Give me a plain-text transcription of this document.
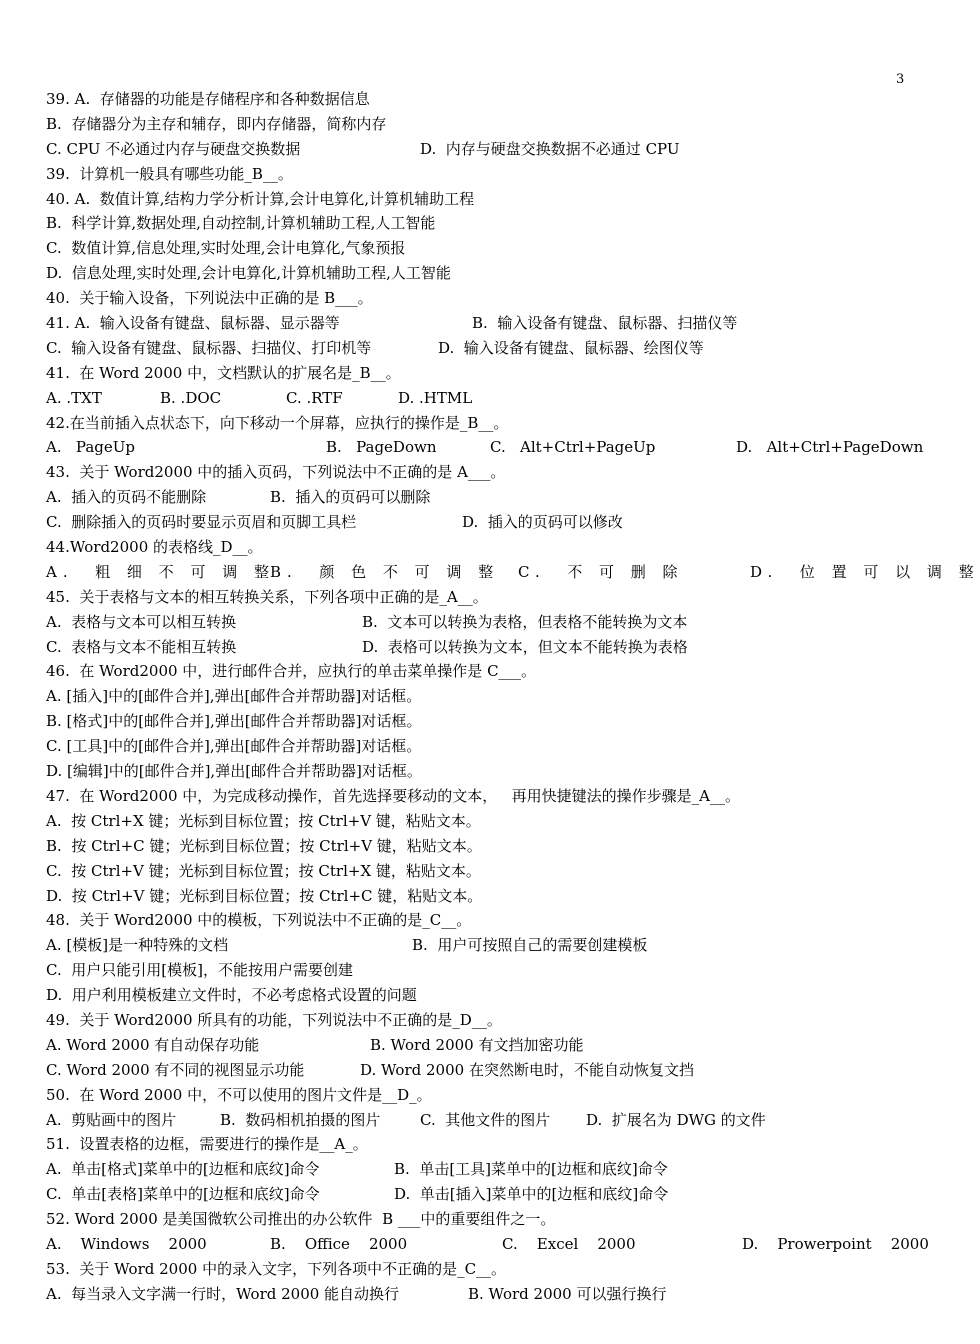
3
39. A.  存储器的功能是存储程序和各种数据信息
B.  存储器分为主存和辅存，即内存储器，简称内存
C. CPU 不必通过内存与硬盘交换数据	D.  内存与硬盘交换数据不必通过 CPU
39.  计算机一般具有哪些功能_B__。
40. A.  数值计算,结构力学分析计算,会计电算化,计算机辅助工程
B.  科学计算,数据处理,自动控制,计算机辅助工程,人工智能
C.  数值计算,信息处理,实时处理,会计电算化,气象预报
D.  信息处理,实时处理,会计电算化,计算机辅助工程,人工智能
40.  关于输入设备，下列说法中正确的是 B___。
41. A.  输入设备有键盘、鼠标器、显示器等	B.  输入设备有键盘、鼠标器、扫描仪等
C.  输入设备有键盘、鼠标器、扫描仪、打印机等	D.  输入设备有键盘、鼠标器、绘图仪等
41.  在 Word 2000 中，文档默认的扩展名是_B__。
A. .TXT	B. .DOC	C. .RTF	D. .HTML
42.在当前插入点状态下，向下移动一个屏幕，应执行的操作是_B__。
A.   PageUp	B.   PageDown	C.   Alt+Ctrl+PageUp	D.   Alt+Ctrl+PageDown
43.  关于 Word2000 中的插入页码，下列说法中不正确的是 A___。
A.  插入的页码不能删除	B.  插入的页码可以删除
C.  删除插入的页码时要显示页眉和页脚工具栏	D.  插入的页码可以修改
44.Word2000 的表格线_D__。
A.  粗 细 不 可 调 整
B.  颜 色 不 可 调 整 C.  不 可 删 除	D.  位 置 可 以 调 整
45.  关于表格与文本的相互转换关系，下列各项中正确的是_A__。
A.  表格与文本可以相互转换	B.  文本可以转换为表格，但表格不能转换为文本
C.  表格与文本不能相互转换	D.  表格可以转换为文本，但文本不能转换为表格
46.  在 Word2000 中，进行邮件合并，应执行的单击菜单操作是 C___。
A. [插入]中的[邮件合并],弹出[邮件合并帮助器]对话框。
B. [格式]中的[邮件合并],弹出[邮件合并帮助器]对话框。
C. [工具]中的[邮件合并],弹出[邮件合并帮助器]对话框。
D. [编辑]中的[邮件合并],弹出[邮件合并帮助器]对话框。
47.  在 Word2000 中，为完成移动操作，首先选择要移动的文本，   再用快捷键法的操作步骤是_A__。
A.  按 Ctrl+X 键；光标到目标位置；按 Ctrl+V 键，粘贴文本。
B.  按 Ctrl+C 键；光标到目标位置；按 Ctrl+V 键，粘贴文本。
C.  按 Ctrl+V 键；光标到目标位置；按 Ctrl+X 键，粘贴文本。
D.  按 Ctrl+V 键；光标到目标位置；按 Ctrl+C 键，粘贴文本。
48.  关于 Word2000 中的模板，下列说法中不正确的是_C__。
A. [模板]是一种特殊的文档	B.  用户可按照自己的需要创建模板
C.  用户只能引用[模板]，不能按用户需要创建
D.  用户利用模板建立文件时，不必考虑格式设置的问题
49.  关于 Word2000 所具有的功能，下列说法中不正确的是_D__。
A. Word 2000 有自动保存功能	B. Word 2000 有文挡加密功能
C. Word 2000 有不同的视图显示功能	D. Word 2000 在突然断电时，不能自动恢复文挡
50.  在 Word 2000 中，不可以使用的图片文件是__D_。
A.  剪贴画中的图片	B.  数码相机拍摄的图片	C.  其他文件的图片 D.  扩展名为 DWG 的文件
51.  设置表格的边框，需要进行的操作是__A_。
A.  单击[格式]菜单中的[边框和底纹]命令	B.  单击[工具]菜单中的[边框和底纹]命令
C.  单击[表格]菜单中的[边框和底纹]命令	D.  单击[插入]菜单中的[边框和底纹]命令
52. Word 2000 是美国微软公司推出的办公软件  B ___中的重要组件之一。
A.    Windows    2000	B.    Office    2000	C.    Excel    2000	D.    Prowerpoint    2000
53.  关于 Word 2000 中的录入文字，下列各项中不正确的是_C__。
A.  每当录入文字满一行时，Word 2000 能自动换行	B. Word 2000 可以强行换行
